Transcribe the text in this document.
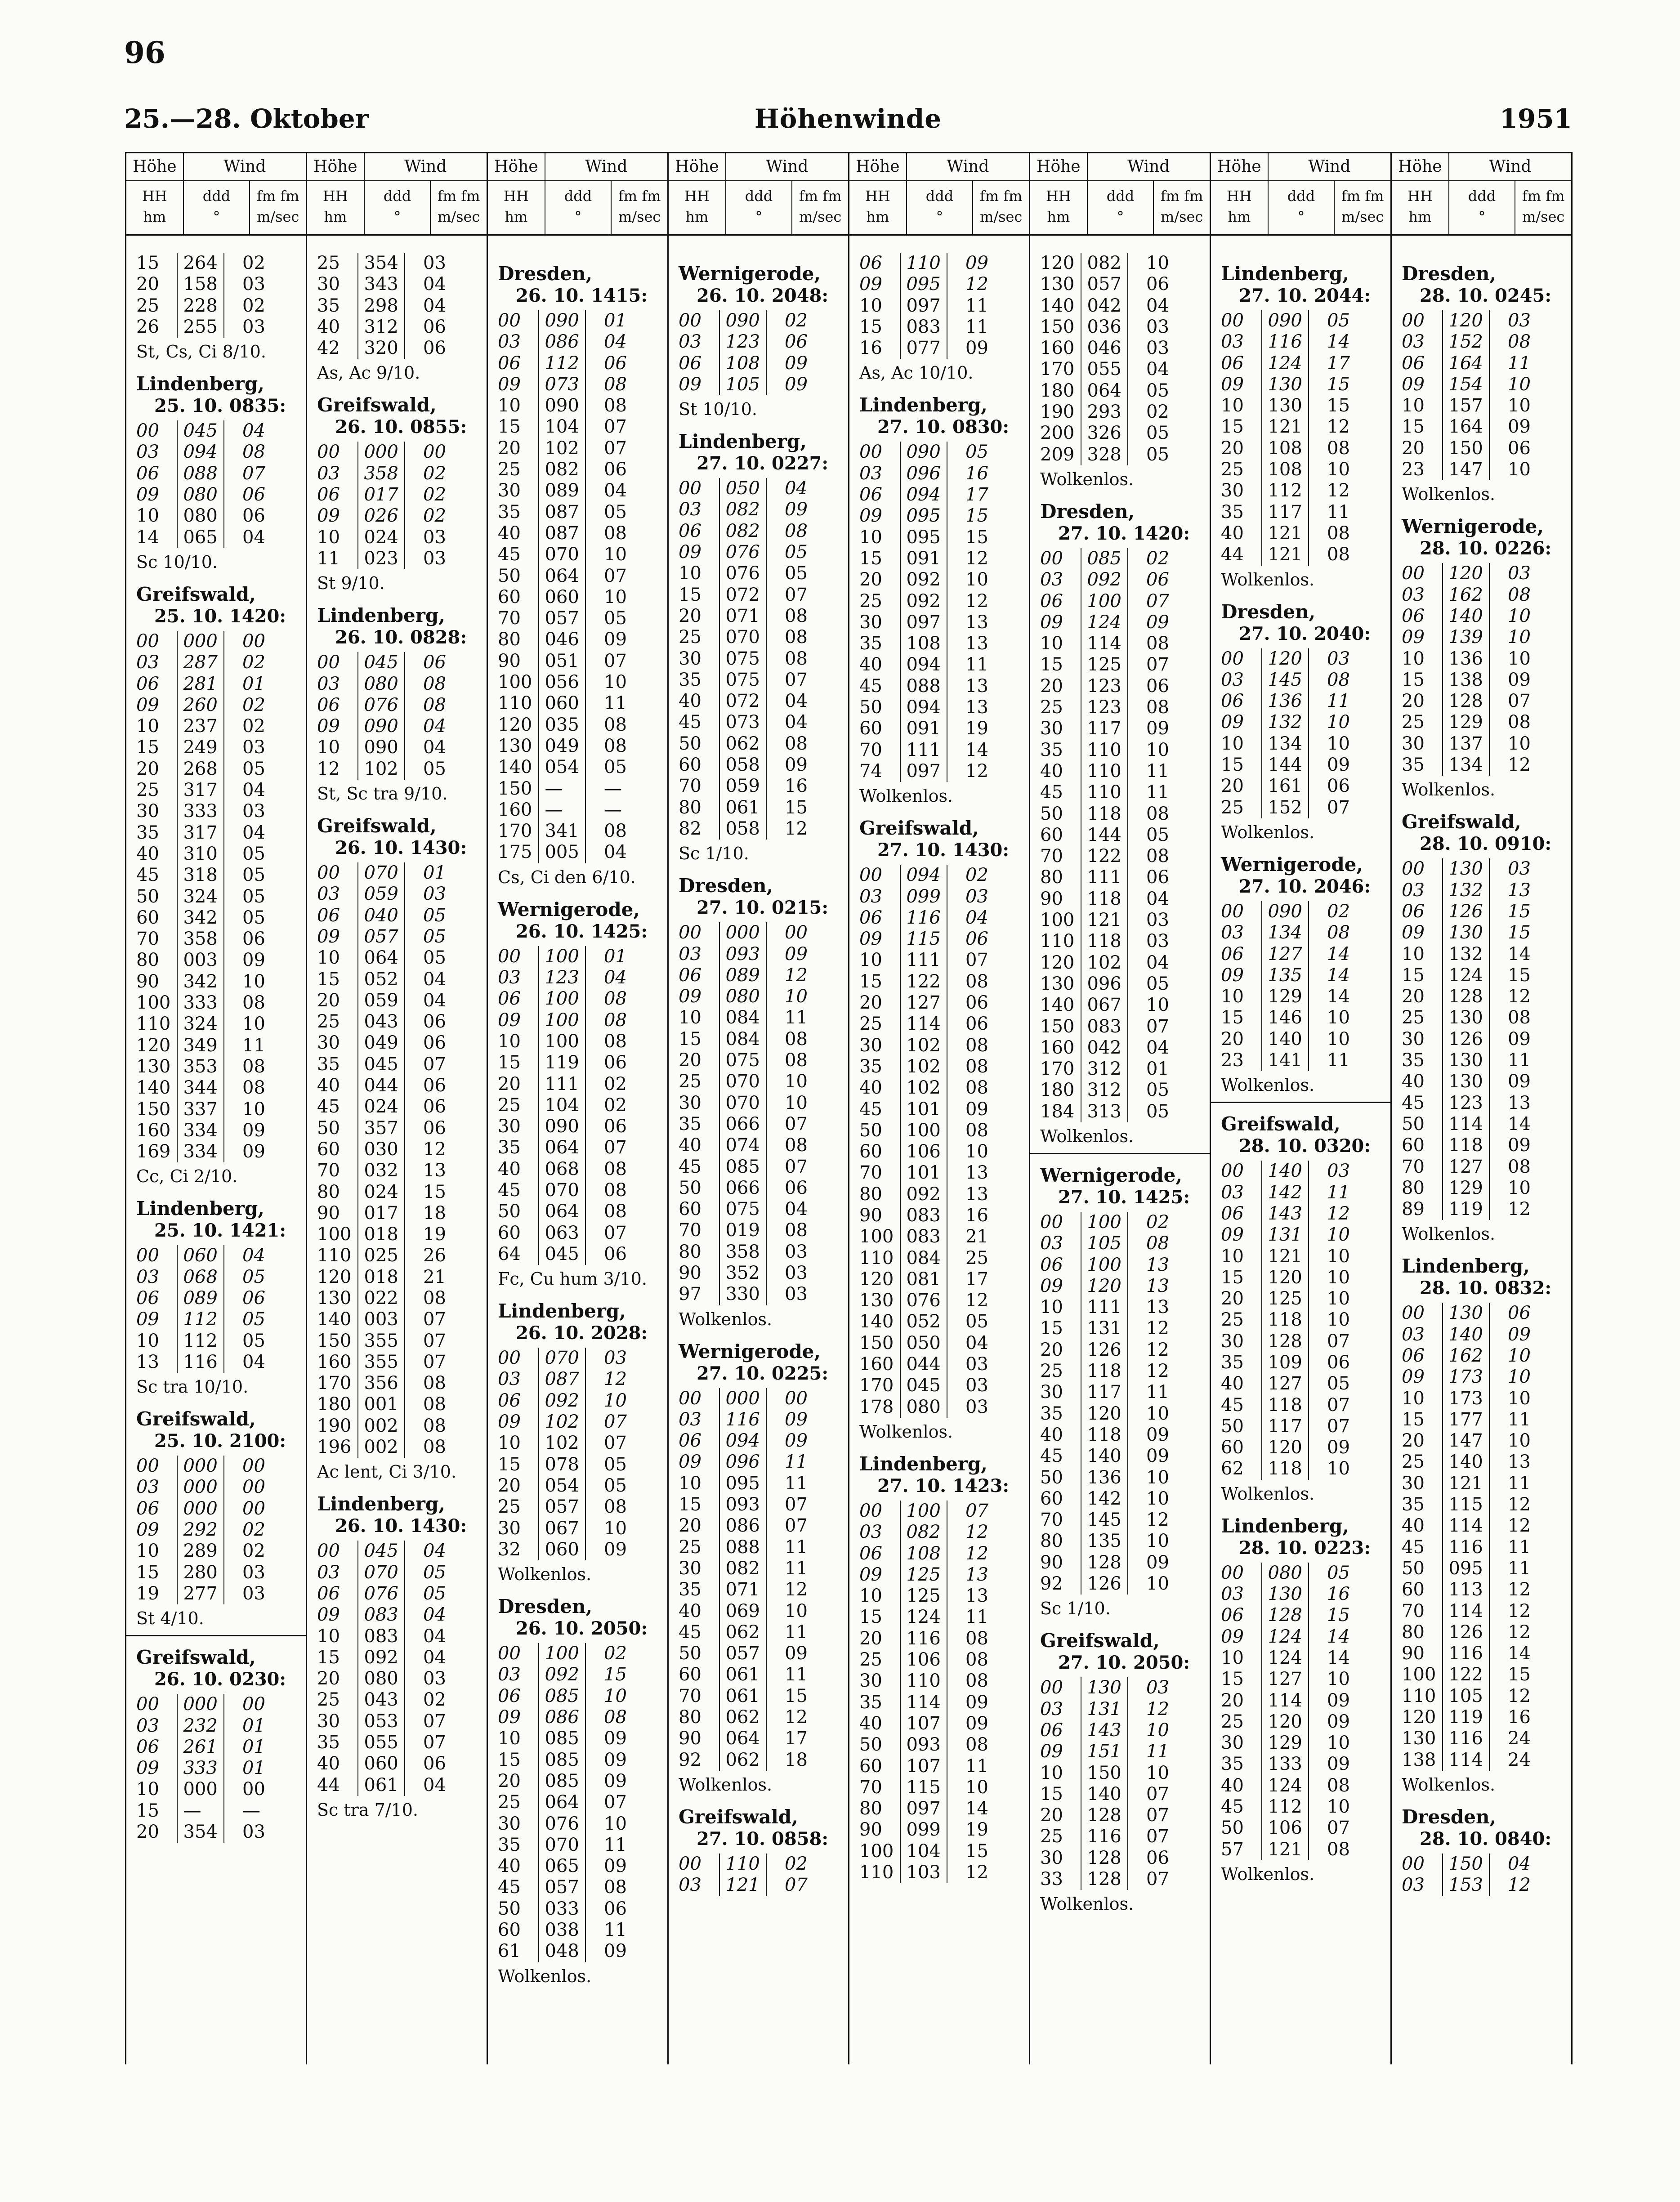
96
25.—28. Oktober	Höhenwinde	1951
Höhe	Wind
HH
hm
ddd
°
fm fm
m/sec
15	264	02
20	158	03
25	228	02
26	255	03
St, Cs, Ci 8/10.
Lindenberg,
25. 10. 0835:
00	045	04
03	094	08
06	088	07
09	080	06
10	080	06
14	065	04
Sc 10/10.
Greifswald,
25. 10. 1420:
00	000	00
03	287	02
06	281	01
09	260	02
10	237	02
15	249	03
20	268	05
25	317	04
30	333	03
35	317	04
40	310	05
45	318	05
50	324	05
60	342	05
70	358	06
80	003	09
90	342	10
100 333	08
110 324	10
120 349	11
130 353	08
140 344	08
150 337	10
160 334	09
169 334	09
Cc, Ci 2/10.
Lindenberg,
25. 10. 1421:
00	060	04
03	068	05
06	089	06
09	112	05
10	112	05
13	116	04
Sc tra 10/10.
Greifswald,
25. 10. 2100:
00	000	00
03	000	00
06	000	00
09	292	02
10	289	02
15	280	03
19	277	03
St 4/10.
Greifswald,
26. 10. 0230:
00	000	00
03	232	01
06	261	01
09	333	01
10	000	00
15	—	—
20	354	03
Höhe	Wind
HH
hm
ddd
°
fm fm
m/sec
25	354	03
30	343	04
35	298	04
40	312	06
42	320	06
As, Ac 9/10.
Greifswald,
26. 10. 0855:
00	000	00
03	358	02
06	017	02
09	026	02
10	024	03
11	023	03
St 9/10.
Lindenberg,
26. 10. 0828:
00	045	06
03	080	08
06	076	08
09	090	04
10	090	04
12	102	05
St, Sc tra 9/10.
Greifswald,
26. 10. 1430:
00	070	01
03	059	03
06	040	05
09	057	05
10	064	05
15	052	04
20	059	04
25	043	06
30	049	06
35	045	07
40	044	06
45	024	06
50	357	06
60	030	12
70	032	13
80	024	15
90	017	18
100 018	19
110 025	26
120 018	21
130 022	08
140 003	07
150 355	07
160 355	07
170 356	08
180 001	08
190 002	08
196 002	08
Ac lent, Ci 3/10.
Lindenberg,
26. 10. 1430:
00	045	04
03	070	05
06	076	05
09	083	04
10	083	04
15	092	04
20	080	03
25	043	02
30	053	07
35	055	07
40	060	06
44	061	04
Sc tra 7/10.
Höhe	Wind
HH
hm
ddd
°
fm fm
m/sec
Dresden,
26. 10. 1415:
00	090	01
03	086	04
06	112	06
09	073	08
10	090	08
15	104	07
20	102	07
25	082	06
30	089	04
35	087	05
40	087	08
45	070	10
50	064	07
60	060	10
70	057	05
80	046	09
90	051	07
100 056	10
110 060	11
120 035	08
130 049	08
140 054	05
150 —	—
160 —	—
170 341	08
175 005	04
Cs, Ci den 6/10.
Wernigerode,
26. 10. 1425:
00	100	01
03	123	04
06	100	08
09	100	08
10	100	08
15	119	06
20	111	02
25	104	02
30	090	06
35	064	07
40	068	08
45	070	08
50	064	08
60	063	07
64	045	06
Fc, Cu hum 3/10.
Lindenberg,
26. 10. 2028:
00	070	03
03	087	12
06	092	10
09	102	07
10	102	07
15	078	05
20	054	05
25	057	08
30	067	10
32	060	09
Wolkenlos.
Dresden,
26. 10. 2050:
00	100	02
03	092	15
06	085	10
09	086	08
10	085	09
15	085	09
20	085	09
25	064	07
30	076	10
35	070	11
40	065	09
45	057	08
50	033	06
60	038	11
61	048	09
Wolkenlos.
Höhe	Wind
HH
hm
ddd
°
fm fm
m/sec
Wernigerode,
26. 10. 2048:
00	090	02
03	123	06
06	108	09
09	105	09
St 10/10.
Lindenberg,
27. 10. 0227:
00	050	04
03	082	09
06	082	08
09	076	05
10	076	05
15	072	07
20	071	08
25	070	08
30	075	08
35	075	07
40	072	04
45	073	04
50	062	08
60	058	09
70	059	16
80	061	15
82	058	12
Sc 1/10.
Dresden,
27. 10. 0215:
00	000	00
03	093	09
06	089	12
09	080	10
10	084	11
15	084	08
20	075	08
25	070	10
30	070	10
35	066	07
40	074	08
45	085	07
50	066	06
60	075	04
70	019	08
80	358	03
90	352	03
97	330	03
Wolkenlos.
Wernigerode,
27. 10. 0225:
00	000	00
03	116	09
06	094	09
09	096	11
10	095	11
15	093	07
20	086	07
25	088	11
30	082	11
35	071	12
40	069	10
45	062	11
50	057	09
60	061	11
70	061	15
80	062	12
90	064	17
92	062	18
Wolkenlos.
Greifswald,
27. 10. 0858:
00	110	02
03	121	07
Höhe	Wind
HH
hm
ddd
°
fm fm
m/sec
06	110	09
09	095	12
10	097	11
15	083	11
16	077	09
As, Ac 10/10.
Lindenberg,
27. 10. 0830:
00	090	05
03	096	16
06	094	17
09	095	15
10	095	15
15	091	12
20	092	10
25	092	12
30	097	13
35	108	13
40	094	11
45	088	13
50	094	13
60	091	19
70	111	14
74	097	12
Wolkenlos.
Greifswald,
27. 10. 1430:
00	094	02
03	099	03
06	116	04
09	115	06
10	111	07
15	122	08
20	127	06
25	114	06
30	102	08
35	102	08
40	102	08
45	101	09
50	100	08
60	106	10
70	101	13
80	092	13
90	083	16
100 083	21
110 084	25
120 081	17
130 076	12
140 052	05
150 050	04
160 044	03
170 045	03
178 080	03
Wolkenlos.
Lindenberg,
27. 10. 1423:
00	100	07
03	082	12
06	108	12
09	125	13
10	125	13
15	124	11
20	116	08
25	106	08
30	110	08
35	114	09
40	107	09
50	093	08
60	107	11
70	115	10
80	097	14
90	099	19
100 104	15
110 103	12
Höhe	Wind
HH
hm
ddd
°
fm fm
m/sec
120 082	10
130 057	06
140 042	04
150 036	03
160 046	03
170 055	04
180 064	05
190 293	02
200 326	05
209 328	05
Wolkenlos.
Dresden,
27. 10. 1420:
00	085	02
03	092	06
06	100	07
09	124	09
10	114	08
15	125	07
20	123	06
25	123	08
30	117	09
35	110	10
40	110	11
45	110	11
50	118	08
60	144	05
70	122	08
80	111	06
90	118	04
100 121	03
110 118	03
120 102	04
130 096	05
140 067	10
150 083	07
160 042	04
170 312	01
180 312	05
184 313	05
Wolkenlos.
Wernigerode,
27. 10. 1425:
00	100	02
03	105	08
06	100	13
09	120	13
10	111	13
15	131	12
20	126	12
25	118	12
30	117	11
35	120	10
40	118	09
45	140	09
50	136	10
60	142	10
70	145	12
80	135	10
90	128	09
92	126	10
Sc 1/10.
Greifswald,
27. 10. 2050:
00	130	03
03	131	12
06	143	10
09	151	11
10	150	10
15	140	07
20	128	07
25	116	07
30	128	06
33	128	07
Wolkenlos.
Höhe	Wind
HH
hm
ddd
°
fm fm
m/sec
Lindenberg,
27. 10. 2044:
00	090	05
03	116	14
06	124	17
09	130	15
10	130	15
15	121	12
20	108	08
25	108	10
30	112	12
35	117	11
40	121	08
44	121	08
Wolkenlos.
Dresden,
27. 10. 2040:
00	120	03
03	145	08
06	136	11
09	132	10
10	134	10
15	144	09
20	161	06
25	152	07
Wolkenlos.
Wernigerode,
27. 10. 2046:
00	090	02
03	134	08
06	127	14
09	135	14
10	129	14
15	146	10
20	140	10
23	141	11
Wolkenlos.
Greifswald,
28. 10. 0320:
00	140	03
03	142	11
06	143	12
09	131	10
10	121	10
15	120	10
20	125	10
25	118	10
30	128	07
35	109	06
40	127	05
45	118	07
50	117	07
60	120	09
62	118	10
Wolkenlos.
Lindenberg,
28. 10. 0223:
00	080	05
03	130	16
06	128	15
09	124	14
10	124	14
15	127	10
20	114	09
25	120	09
30	129	10
35	133	09
40	124	08
45	112	10
50	106	07
57	121	08
Wolkenlos.
Höhe	Wind
HH
hm
ddd
°
fm fm
m/sec
Dresden,
28. 10. 0245:
00	120	03
03	152	08
06	164	11
09	154	10
10	157	10
15	164	09
20	150	06
23	147	10
Wolkenlos.
Wernigerode,
28. 10. 0226:
00	120	03
03	162	08
06	140	10
09	139	10
10	136	10
15	138	09
20	128	07
25	129	08
30	137	10
35	134	12
Wolkenlos.
Greifswald,
28. 10. 0910:
00	130	03
03	132	13
06	126	15
09	130	15
10	132	14
15	124	15
20	128	12
25	130	08
30	126	09
35	130	11
40	130	09
45	123	13
50	114	14
60	118	09
70	127	08
80	129	10
89	119	12
Wolkenlos.
Lindenberg,
28. 10. 0832:
00	130	06
03	140	09
06	162	10
09	173	10
10	173	10
15	177	11
20	147	10
25	140	13
30	121	11
35	115	12
40	114	12
45	116	11
50	095	11
60	113	12
70	114	12
80	126	12
90	116	14
100 122	15
110 105	12
120 119	16
130 116	24
138 114	24
Wolkenlos.
Dresden,
28. 10. 0840:
00	150	04
03	153	12
